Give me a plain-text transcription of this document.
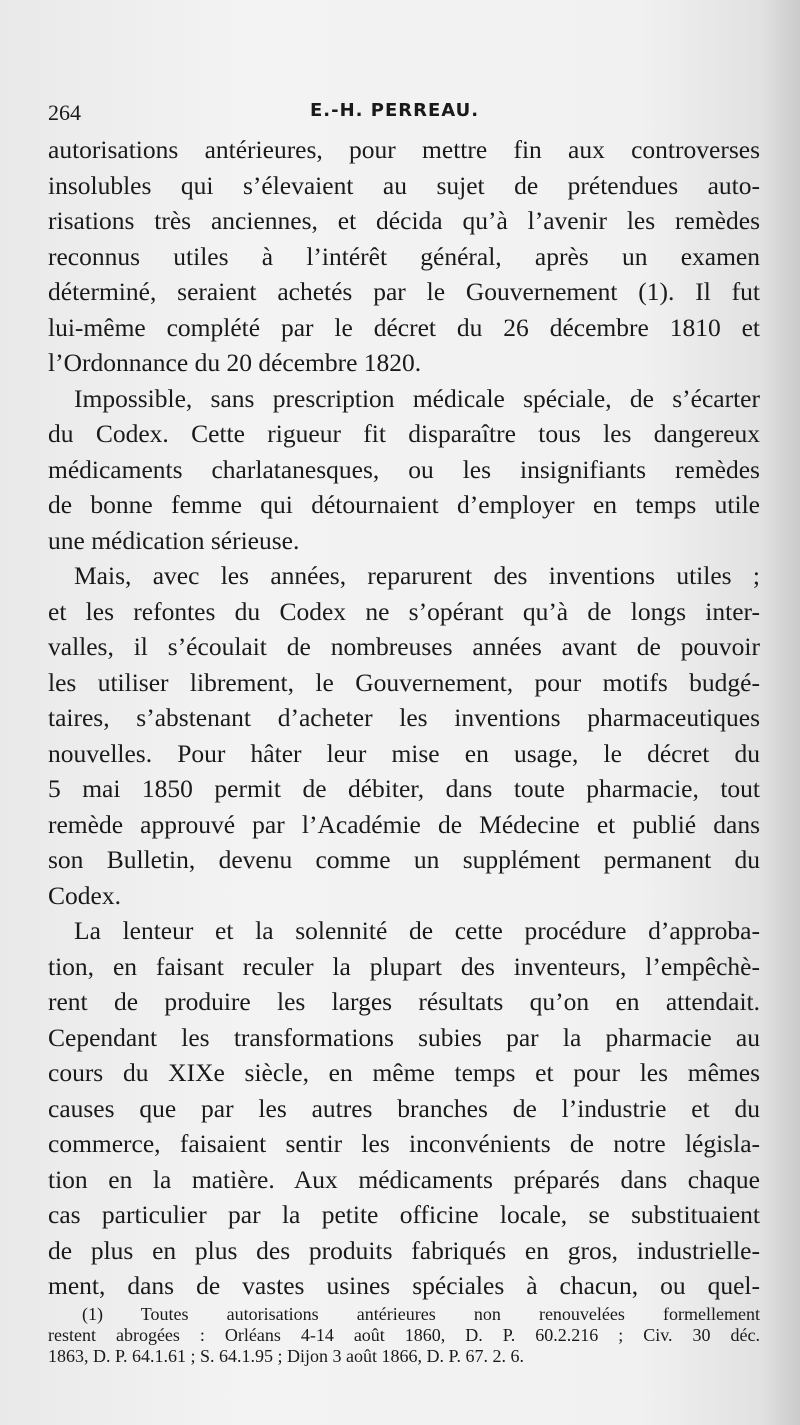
264	E.-H. PERREAU.

autorisations antérieures, pour mettre fin aux controverses
insolubles qui s’élevaient au sujet de prétendues auto-
risations très anciennes, et décida qu’à l’avenir les remèdes
reconnus utiles à l’intérêt général, après un examen
déterminé, seraient achetés par le Gouvernement (1). Il fut
lui-même complété par le décret du 26 décembre 1810 et
l’Ordonnance du 20 décembre 1820.

Impossible, sans prescription médicale spéciale, de s’écarter
du Codex. Cette rigueur fit disparaître tous les dangereux
médicaments charlatanesques, ou les insignifiants remèdes
de bonne femme qui détournaient d’employer en temps utile
une médication sérieuse.

Mais, avec les années, reparurent des inventions utiles ;
et les refontes du Codex ne s’opérant qu’à de longs inter-
valles, il s’écoulait de nombreuses années avant de pouvoir
les utiliser librement, le Gouvernement, pour motifs budgé-
taires, s’abstenant d’acheter les inventions pharmaceutiques
nouvelles. Pour hâter leur mise en usage, le décret du
5 mai 1850 permit de débiter, dans toute pharmacie, tout
remède approuvé par l’Académie de Médecine et publié dans
son Bulletin, devenu comme un supplément permanent du
Codex.

La lenteur et la solennité de cette procédure d’approba-
tion, en faisant reculer la plupart des inventeurs, l’empêchè-
rent de produire les larges résultats qu’on en attendait.
Cependant les transformations subies par la pharmacie au
cours du XIXe siècle, en même temps et pour les mêmes
causes que par les autres branches de l’industrie et du
commerce, faisaient sentir les inconvénients de notre législa-
tion en la matière. Aux médicaments préparés dans chaque
cas particulier par la petite officine locale, se substituaient
de plus en plus des produits fabriqués en gros, industrielle-
ment, dans de vastes usines spéciales à chacun, ou quel-

(1) Toutes autorisations antérieures non renouvelées formellement
restent abrogées : Orléans 4-14 août 1860, D. P. 60.2.216 ; Civ. 30 déc.
1863, D. P. 64.1.61 ; S. 64.1.95 ; Dijon 3 août 1866, D. P. 67. 2. 6.
